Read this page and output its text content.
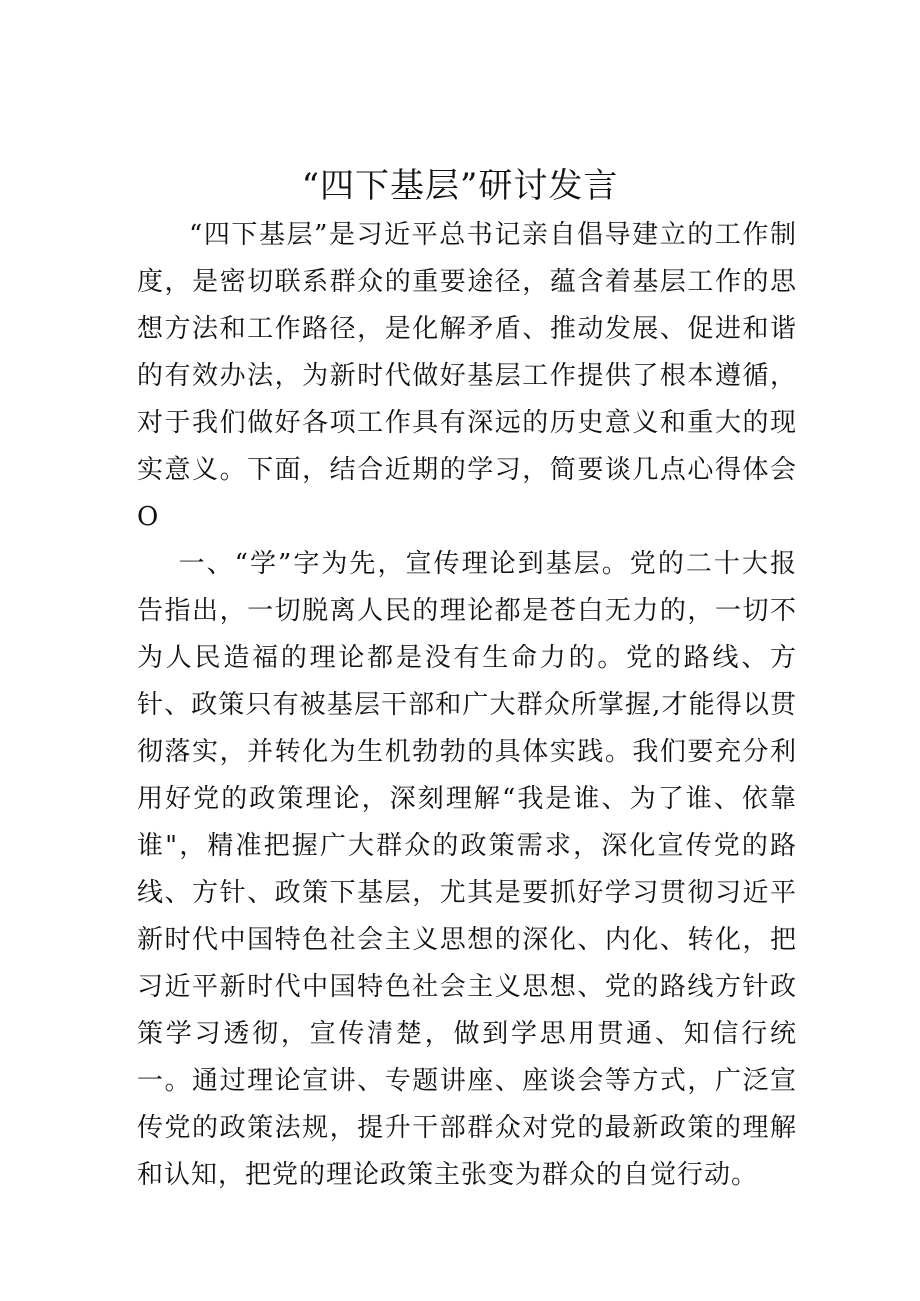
“四下基层”研讨发言

“四下基层”是习近平总书记亲自倡导建立的工作制度，是密切联系群众的重要途径，蕴含着基层工作的思想方法和工作路径，是化解矛盾、推动发展、促进和谐的有效办法，为新时代做好基层工作提供了根本遵循，对于我们做好各项工作具有深远的历史意义和重大的现实意义。下面，结合近期的学习，简要谈几点心得体会O

一、“学”字为先，宣传理论到基层。党的二十大报告指出，一切脱离人民的理论都是苍白无力的，一切不为人民造福的理论都是没有生命力的。党的路线、方针、政策只有被基层干部和广大群众所掌握,才能得以贯彻落实，并转化为生机勃勃的具体实践。我们要充分利用好党的政策理论，深刻理解“我是谁、为了谁、依靠谁"，精准把握广大群众的政策需求，深化宣传党的路线、方针、政策下基层，尤其是要抓好学习贯彻习近平新时代中国特色社会主义思想的深化、内化、转化，把习近平新时代中国特色社会主义思想、党的路线方针政策学习透彻，宣传清楚，做到学思用贯通、知信行统一。通过理论宣讲、专题讲座、座谈会等方式，广泛宣传党的政策法规，提升干部群众对党的最新政策的理解和认知，把党的理论政策主张变为群众的自觉行动。
